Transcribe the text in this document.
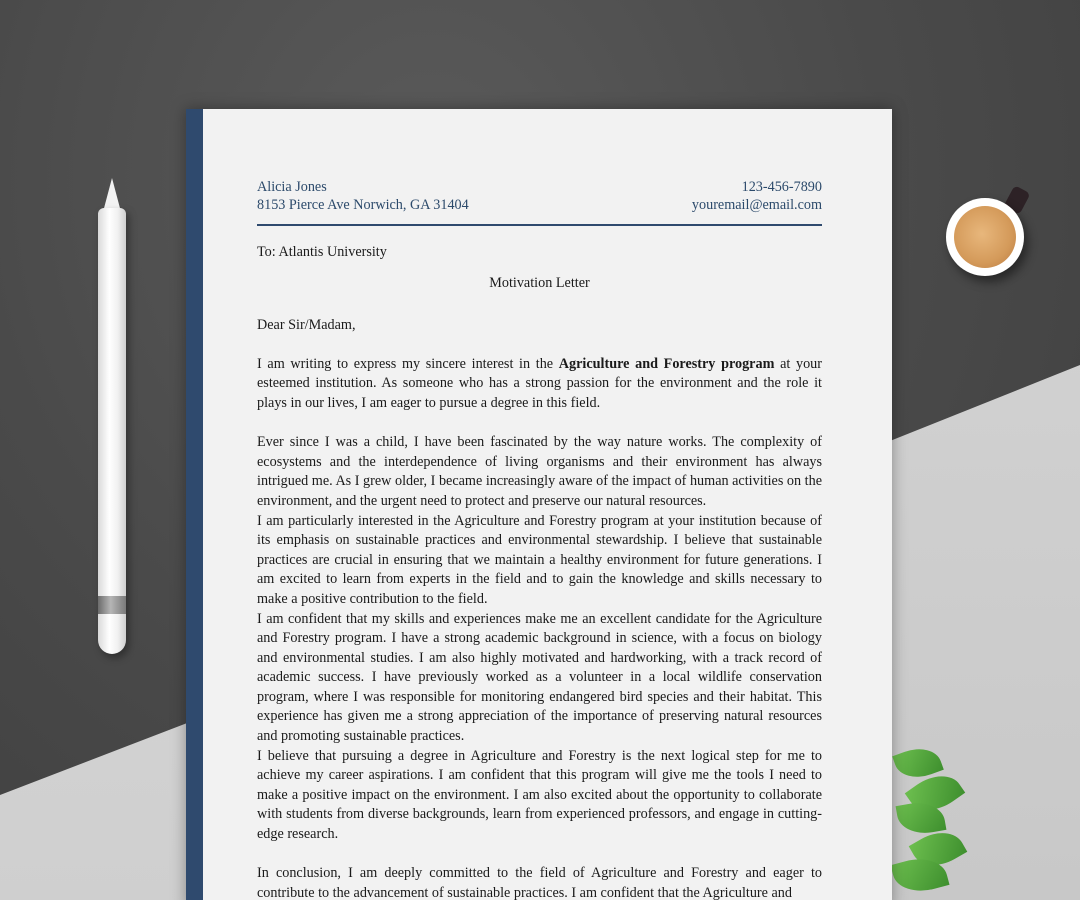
Alicia Jones
8153 Pierce Ave Norwich, GA 31404
123-456-7890
youremail@email.com
To: Atlantis University
Motivation Letter
Dear Sir/Madam,

I am writing to express my sincere interest in the Agriculture and Forestry program at your esteemed institution. As someone who has a strong passion for the environment and the role it plays in our lives, I am eager to pursue a degree in this field.

Ever since I was a child, I have been fascinated by the way nature works. The complexity of ecosystems and the interdependence of living organisms and their environment has always intrigued me. As I grew older, I became increasingly aware of the impact of human activities on the environment, and the urgent need to protect and preserve our natural resources.

I am particularly interested in the Agriculture and Forestry program at your institution because of its emphasis on sustainable practices and environmental stewardship. I believe that sustainable practices are crucial in ensuring that we maintain a healthy environment for future generations. I am excited to learn from experts in the field and to gain the knowledge and skills necessary to make a positive contribution to the field.

I am confident that my skills and experiences make me an excellent candidate for the Agriculture and Forestry program. I have a strong academic background in science, with a focus on biology and environmental studies. I am also highly motivated and hardworking, with a track record of academic success. I have previously worked as a volunteer in a local wildlife conservation program, where I was responsible for monitoring endangered bird species and their habitat. This experience has given me a strong appreciation of the importance of preserving natural resources and promoting sustainable practices.

I believe that pursuing a degree in Agriculture and Forestry is the next logical step for me to achieve my career aspirations. I am confident that this program will give me the tools I need to make a positive impact on the environment. I am also excited about the opportunity to collaborate with students from diverse backgrounds, learn from experienced professors, and engage in cutting-edge research.

In conclusion, I am deeply committed to the field of Agriculture and Forestry and eager to contribute to the advancement of sustainable practices. I am confident that the Agriculture and
